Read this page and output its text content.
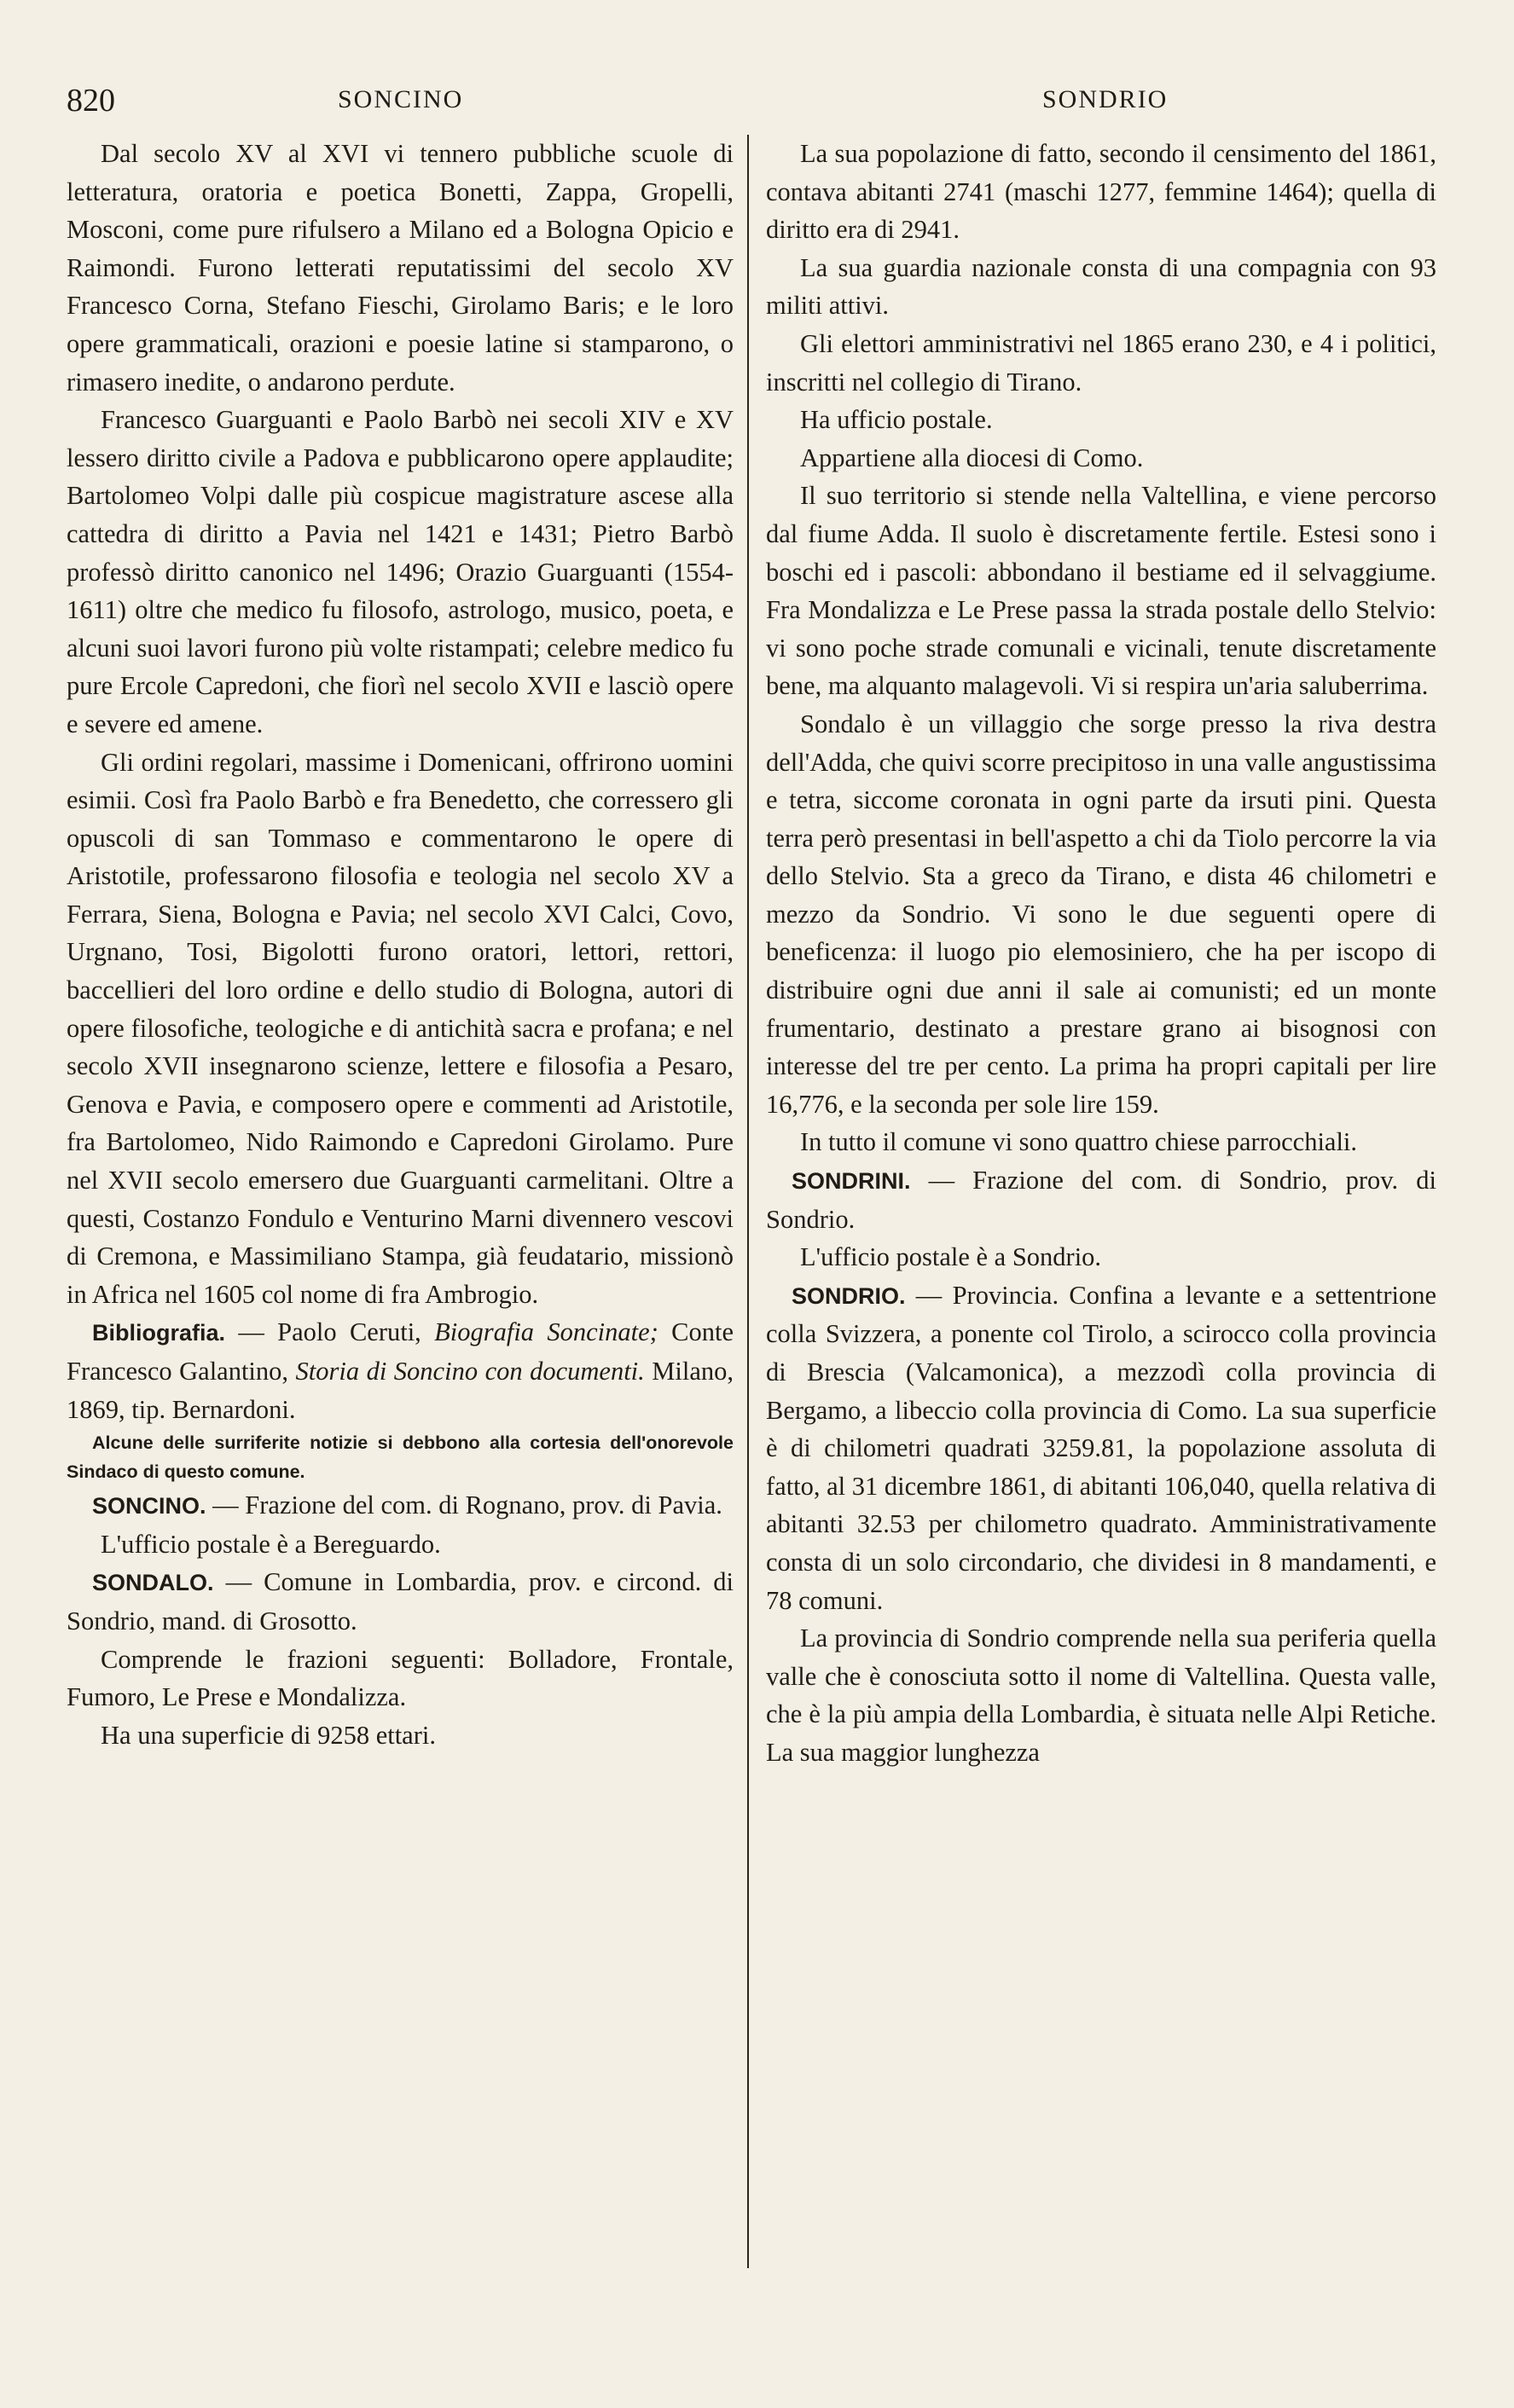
820	SONCINO	SONDRIO

Dal secolo XV al XVI vi tennero pubbliche scuole di letteratura, oratoria e poetica Bonetti, Zappa, Gropelli, Mosconi, come pure rifulsero a Milano ed a Bologna Opicio e Raimondi. Furono letterati reputatissimi del secolo XV Francesco Corna, Stefano Fieschi, Girolamo Baris; e le loro opere grammaticali, orazioni e poesie latine si stamparono, o rimasero inedite, o andarono perdute.

Francesco Guarguanti e Paolo Barbò nei secoli XIV e XV lessero diritto civile a Padova e pubblicarono opere applaudite; Bartolomeo Volpi dalle più cospicue magistrature ascese alla cattedra di diritto a Pavia nel 1421 e 1431; Pietro Barbò professò diritto canonico nel 1496; Orazio Guarguanti (1554-1611) oltre che medico fu filosofo, astrologo, musico, poeta, e alcuni suoi lavori furono più volte ristampati; celebre medico fu pure Ercole Capredoni, che fiorì nel secolo XVII e lasciò opere e severe ed amene.

Gli ordini regolari, massime i Domenicani, offrirono uomini esimii. Così fra Paolo Barbò e fra Benedetto, che corressero gli opuscoli di san Tommaso e commentarono le opere di Aristotile, professarono filosofia e teologia nel secolo XV a Ferrara, Siena, Bologna e Pavia; nel secolo XVI Calci, Covo, Urgnano, Tosi, Bigolotti furono oratori, lettori, rettori, baccellieri del loro ordine e dello studio di Bologna, autori di opere filosofiche, teologiche e di antichità sacra e profana; e nel secolo XVII insegnarono scienze, lettere e filosofia a Pesaro, Genova e Pavia, e composero opere e commenti ad Aristotile, fra Bartolomeo, Nido Raimondo e Capredoni Girolamo. Pure nel XVII secolo emersero due Guarguanti carmelitani. Oltre a questi, Costanzo Fondulo e Venturino Marni divennero vescovi di Cremona, e Massimiliano Stampa, già feudatario, missionò in Africa nel 1605 col nome di fra Ambrogio.

Bibliografia. — Paolo Ceruti, Biografia Soncinate; Conte Francesco Galantino, Storia di Soncino con documenti. Milano, 1869, tip. Bernardoni.

Alcune delle surriferite notizie si debbono alla cortesia dell'onorevole Sindaco di questo comune.

SONCINO. — Frazione del com. di Rognano, prov. di Pavia.

L'ufficio postale è a Bereguardo.

SONDALO. — Comune in Lombardia, prov. e circond. di Sondrio, mand. di Grosotto.

Comprende le frazioni seguenti: Bolladore, Frontale, Fumoro, Le Prese e Mondalizza.

Ha una superficie di 9258 ettari.

La sua popolazione di fatto, secondo il censimento del 1861, contava abitanti 2741 (maschi 1277, femmine 1464); quella di diritto era di 2941.

La sua guardia nazionale consta di una compagnia con 93 militi attivi.

Gli elettori amministrativi nel 1865 erano 230, e 4 i politici, inscritti nel collegio di Tirano.

Ha ufficio postale.

Appartiene alla diocesi di Como.

Il suo territorio si stende nella Valtellina, e viene percorso dal fiume Adda. Il suolo è discretamente fertile. Estesi sono i boschi ed i pascoli: abbondano il bestiame ed il selvaggiume. Fra Mondalizza e Le Prese passa la strada postale dello Stelvio: vi sono poche strade comunali e vicinali, tenute discretamente bene, ma alquanto malagevoli. Vi si respira un'aria saluberrima.

Sondalo è un villaggio che sorge presso la riva destra dell'Adda, che quivi scorre precipitoso in una valle angustissima e tetra, siccome coronata in ogni parte da irsuti pini. Questa terra però presentasi in bell'aspetto a chi da Tiolo percorre la via dello Stelvio. Sta a greco da Tirano, e dista 46 chilometri e mezzo da Sondrio. Vi sono le due seguenti opere di beneficenza: il luogo pio elemosiniero, che ha per iscopo di distribuire ogni due anni il sale ai comunisti; ed un monte frumentario, destinato a prestare grano ai bisognosi con interesse del tre per cento. La prima ha propri capitali per lire 16,776, e la seconda per sole lire 159.

In tutto il comune vi sono quattro chiese parrocchiali.

SONDRINI. — Frazione del com. di Sondrio, prov. di Sondrio.

L'ufficio postale è a Sondrio.

SONDRIO. — Provincia. Confina a levante e a settentrione colla Svizzera, a ponente col Tirolo, a scirocco colla provincia di Brescia (Valcamonica), a mezzodì colla provincia di Bergamo, a libeccio colla provincia di Como. La sua superficie è di chilometri quadrati 3259.81, la popolazione assoluta di fatto, al 31 dicembre 1861, di abitanti 106,040, quella relativa di abitanti 32.53 per chilometro quadrato. Amministrativamente consta di un solo circondario, che dividesi in 8 mandamenti, e 78 comuni.

La provincia di Sondrio comprende nella sua periferia quella valle che è conosciuta sotto il nome di Valtellina. Questa valle, che è la più ampia della Lombardia, è situata nelle Alpi Retiche. La sua maggior lunghezza
